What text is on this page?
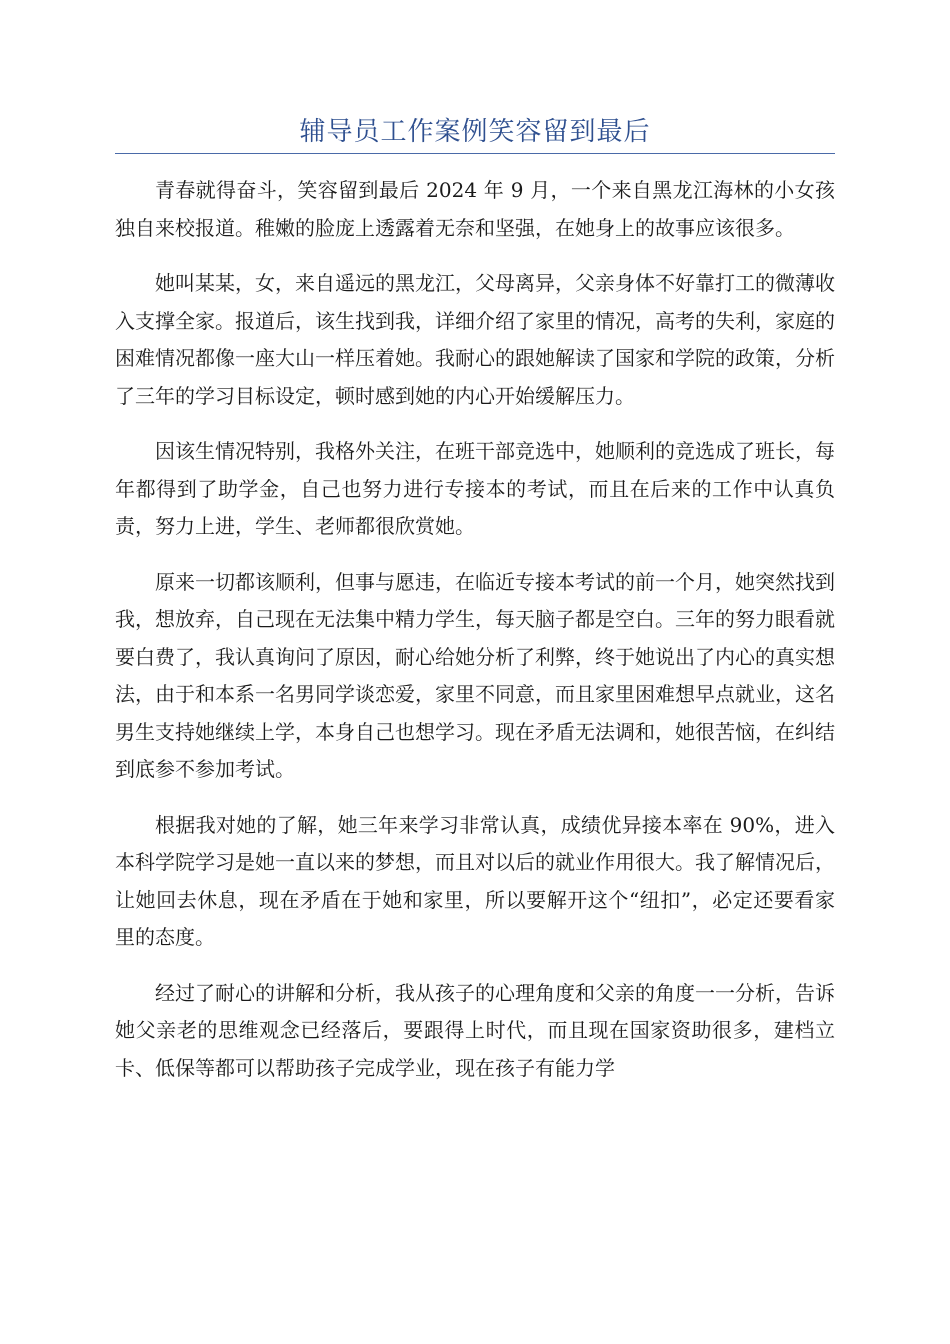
辅导员工作案例笑容留到最后

青春就得奋斗，笑容留到最后 2024 年 9 月，一个来自黑龙江海林的小女孩独自来校报道。稚嫩的脸庞上透露着无奈和坚强，在她身上的故事应该很多。

她叫某某，女，来自遥远的黑龙江，父母离异，父亲身体不好靠打工的微薄收入支撑全家。报道后，该生找到我，详细介绍了家里的情况，高考的失利，家庭的困难情况都像一座大山一样压着她。我耐心的跟她解读了国家和学院的政策，分析了三年的学习目标设定，顿时感到她的内心开始缓解压力。

因该生情况特别，我格外关注，在班干部竞选中，她顺利的竞选成了班长，每年都得到了助学金，自己也努力进行专接本的考试，而且在后来的工作中认真负责，努力上进，学生、老师都很欣赏她。

原来一切都该顺利，但事与愿违，在临近专接本考试的前一个月，她突然找到我，想放弃，自己现在无法集中精力学生，每天脑子都是空白。三年的努力眼看就要白费了，我认真询问了原因，耐心给她分析了利弊，终于她说出了内心的真实想法，由于和本系一名男同学谈恋爱，家里不同意，而且家里困难想早点就业，这名男生支持她继续上学，本身自己也想学习。现在矛盾无法调和，她很苦恼，在纠结到底参不参加考试。

根据我对她的了解，她三年来学习非常认真，成绩优异接本率在 90%，进入本科学院学习是她一直以来的梦想，而且对以后的就业作用很大。我了解情况后，让她回去休息，现在矛盾在于她和家里，所以要解开这个“纽扣”，必定还要看家里的态度。

经过了耐心的讲解和分析，我从孩子的心理角度和父亲的角度一一分析，告诉她父亲老的思维观念已经落后，要跟得上时代，而且现在国家资助很多，建档立卡、低保等都可以帮助孩子完成学业，现在孩子有能力学
